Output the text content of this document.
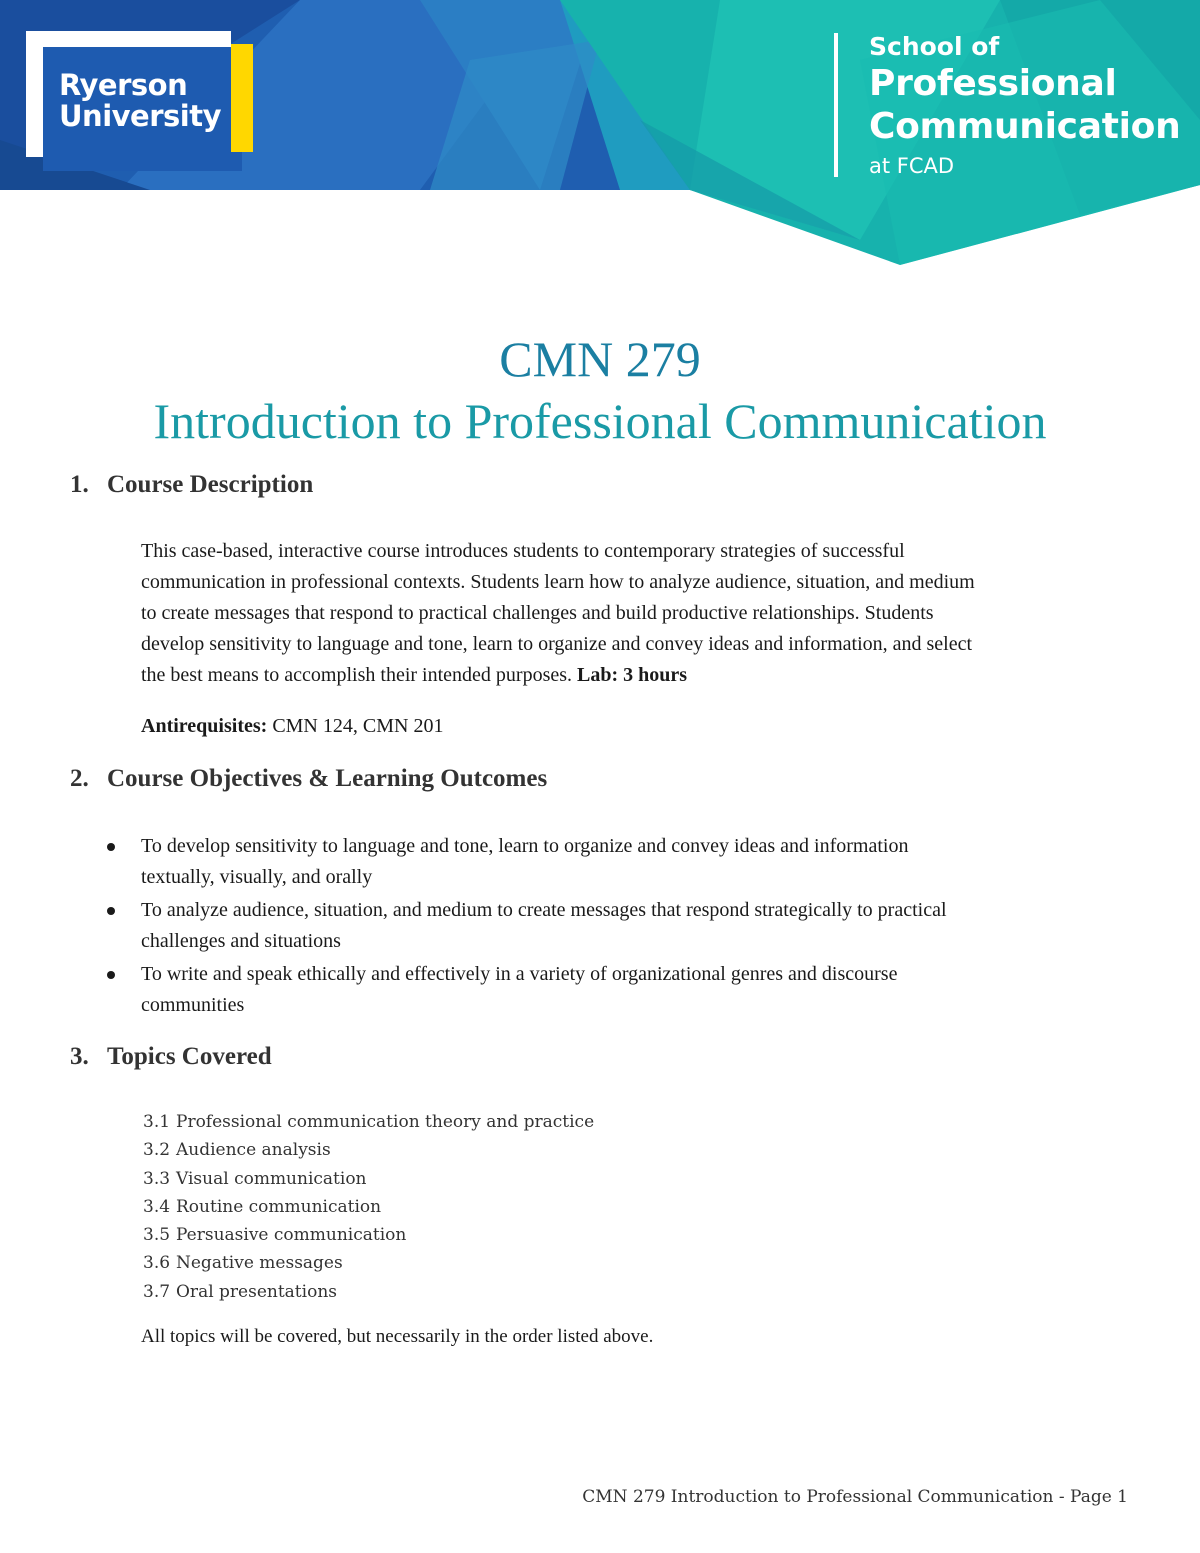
Ryerson
University
School of
Professional
Communication
at FCAD
CMN 279
Introduction to Professional Communication
1. Course Description
This case-based, interactive course introduces students to contemporary strategies of successful
communication in professional contexts. Students learn how to analyze audience, situation, and medium
to create messages that respond to practical challenges and build productive relationships. Students
develop sensitivity to language and tone, learn to organize and convey ideas and information, and select
the best means to accomplish their intended purposes. Lab: 3 hours
Antirequisites: CMN 124, CMN 201
2. Course Objectives & Learning Outcomes
To develop sensitivity to language and tone, learn to organize and convey ideas and information
textually, visually, and orally
To analyze audience, situation, and medium to create messages that respond strategically to practical
challenges and situations
To write and speak ethically and effectively in a variety of organizational genres and discourse
communities
3. Topics Covered
3.1 Professional communication theory and practice
3.2 Audience analysis
3.3 Visual communication
3.4 Routine communication
3.5 Persuasive communication
3.6 Negative messages
3.7 Oral presentations
All topics will be covered, but necessarily in the order listed above.
CMN 279 Introduction to Professional Communication - Page 1
